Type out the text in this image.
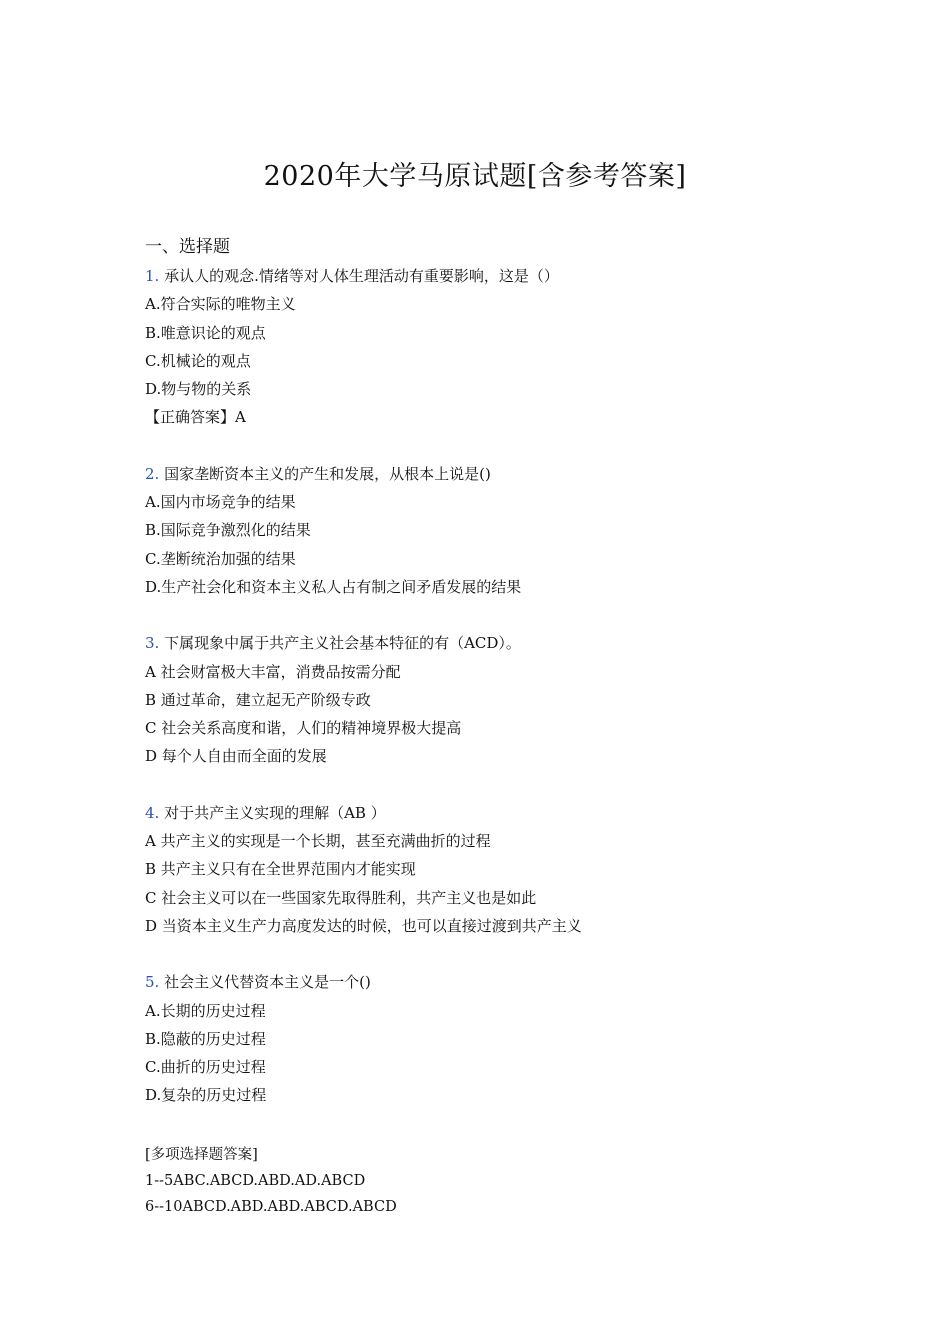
2020年大学马原试题[含参考答案]
一、选择题
1. 承认人的观念.情绪等对人体生理活动有重要影响，这是（）
A.符合实际的唯物主义
B.唯意识论的观点
C.机械论的观点
D.物与物的关系
【正确答案】A
2. 国家垄断资本主义的产生和发展，从根本上说是()
A.国内市场竞争的结果
B.国际竞争激烈化的结果
C.垄断统治加强的结果
D.生产社会化和资本主义私人占有制之间矛盾发展的结果
3. 下属现象中属于共产主义社会基本特征的有（ACD）。
A 社会财富极大丰富，消费品按需分配
B 通过革命，建立起无产阶级专政
C 社会关系高度和谐，人们的精神境界极大提高
D 每个人自由而全面的发展
4. 对于共产主义实现的理解（AB ）
A 共产主义的实现是一个长期，甚至充满曲折的过程
B 共产主义只有在全世界范围内才能实现
C 社会主义可以在一些国家先取得胜利，共产主义也是如此
D 当资本主义生产力高度发达的时候，也可以直接过渡到共产主义
5. 社会主义代替资本主义是一个()
A.长期的历史过程
B.隐蔽的历史过程
C.曲折的历史过程
D.复杂的历史过程
[多项选择题答案]
1--5ABC.ABCD.ABD.AD.ABCD
6--10ABCD.ABD.ABD.ABCD.ABCD
